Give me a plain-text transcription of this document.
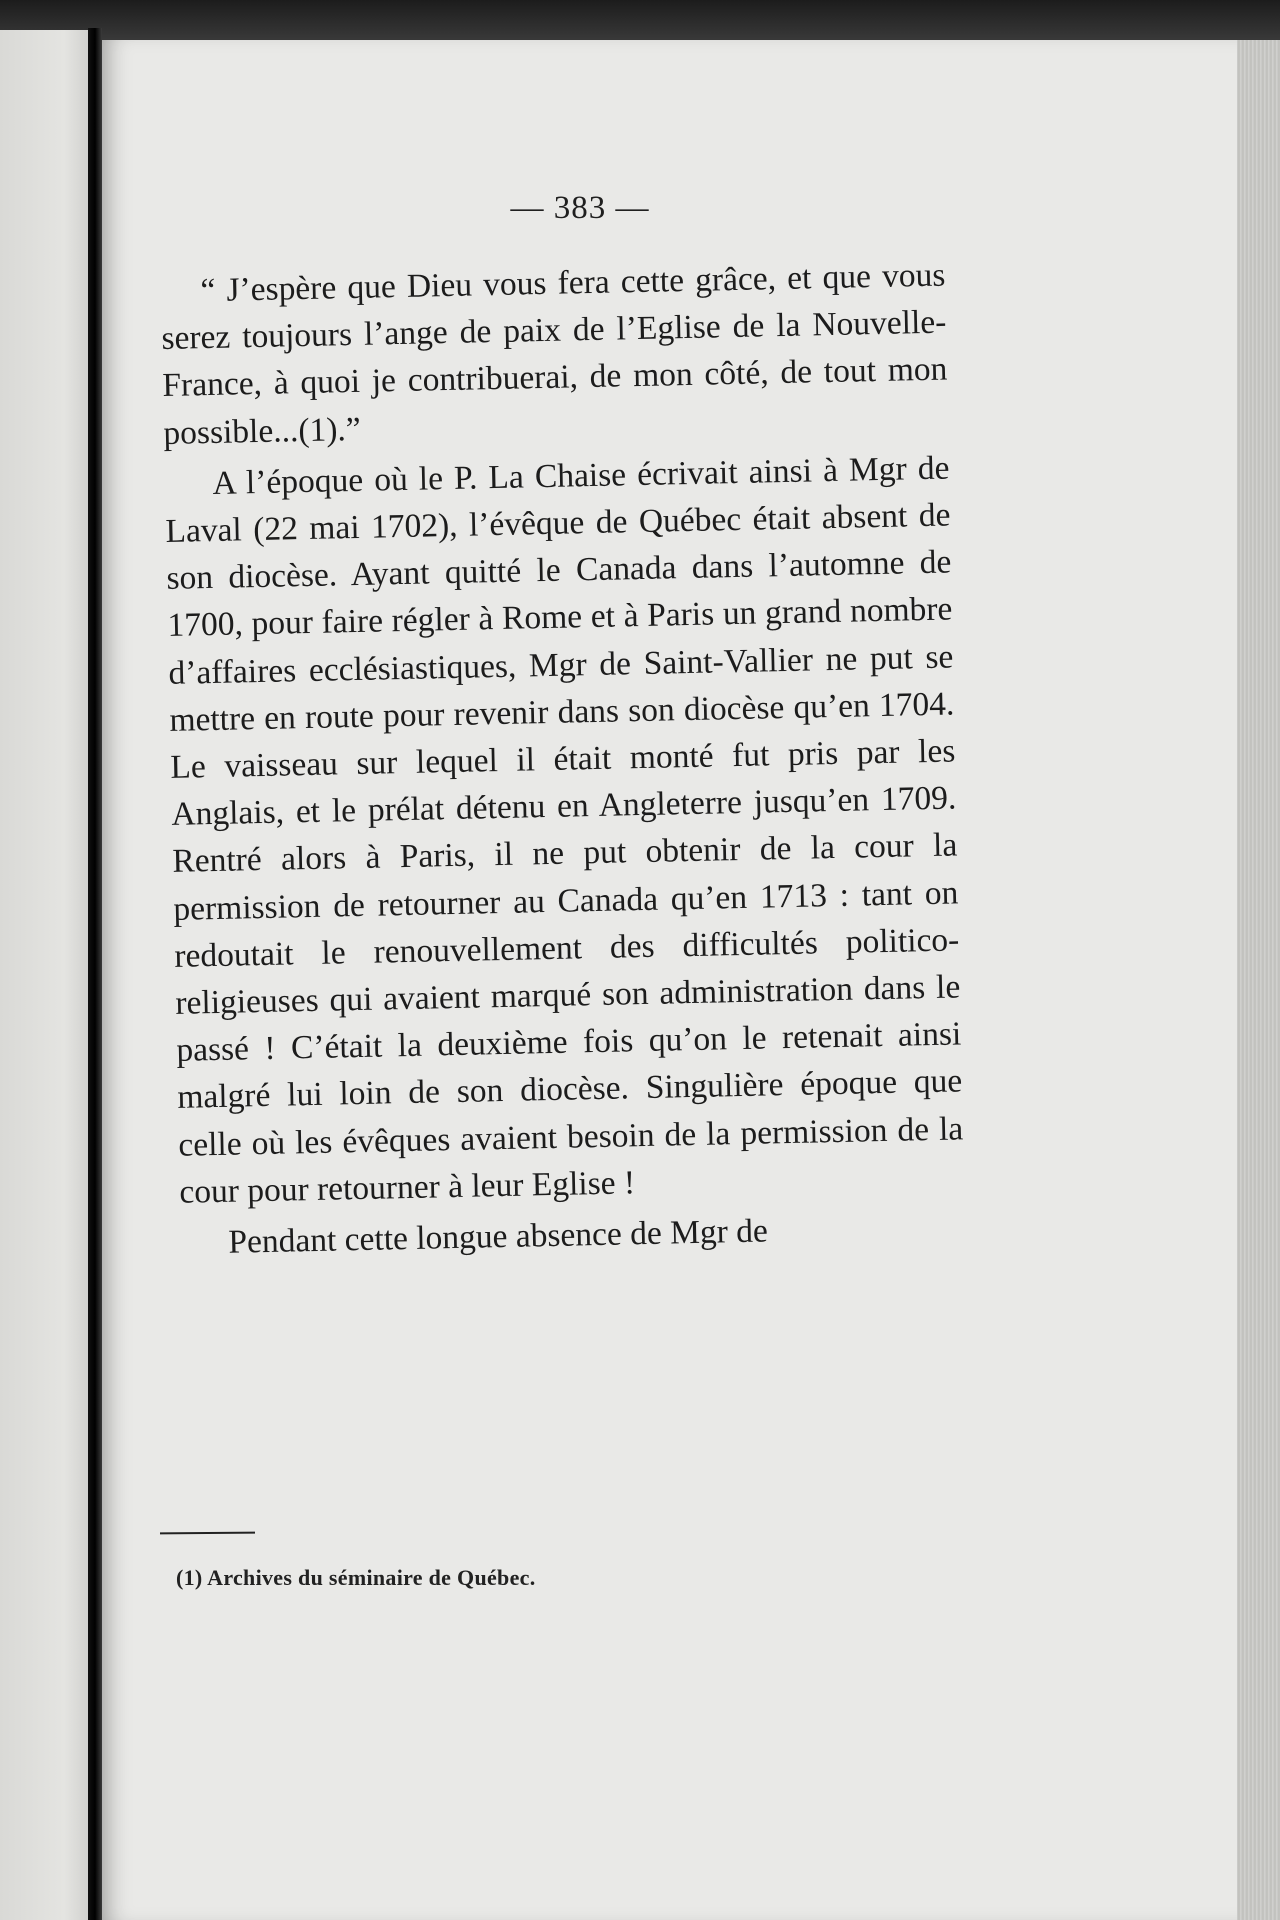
— 383 —

“ J’espère que Dieu vous fera cette grâce, et que vous serez toujours l’ange de paix de l’Eglise de la Nouvelle-France, à quoi je contribuerai, de mon côté, de tout mon possible...(1).”

A l’époque où le P. La Chaise écrivait ainsi à Mgr de Laval (22 mai 1702), l’évêque de Québec était absent de son diocèse. Ayant quitté le Canada dans l’automne de 1700, pour faire régler à Rome et à Paris un grand nombre d’affaires ecclésiastiques, Mgr de Saint-Vallier ne put se mettre en route pour revenir dans son diocèse qu’en 1704. Le vaisseau sur lequel il était monté fut pris par les Anglais, et le prélat détenu en Angleterre jusqu’en 1709. Rentré alors à Paris, il ne put obtenir de la cour la permission de retourner au Canada qu’en 1713 : tant on redoutait le renouvellement des difficultés politico-religieuses qui avaient marqué son administration dans le passé ! C’était la deuxième fois qu’on le retenait ainsi malgré lui loin de son diocèse. Singulière époque que celle où les évêques avaient besoin de la permission de la cour pour retourner à leur Eglise !

Pendant cette longue absence de Mgr de

(1) Archives du séminaire de Québec.
